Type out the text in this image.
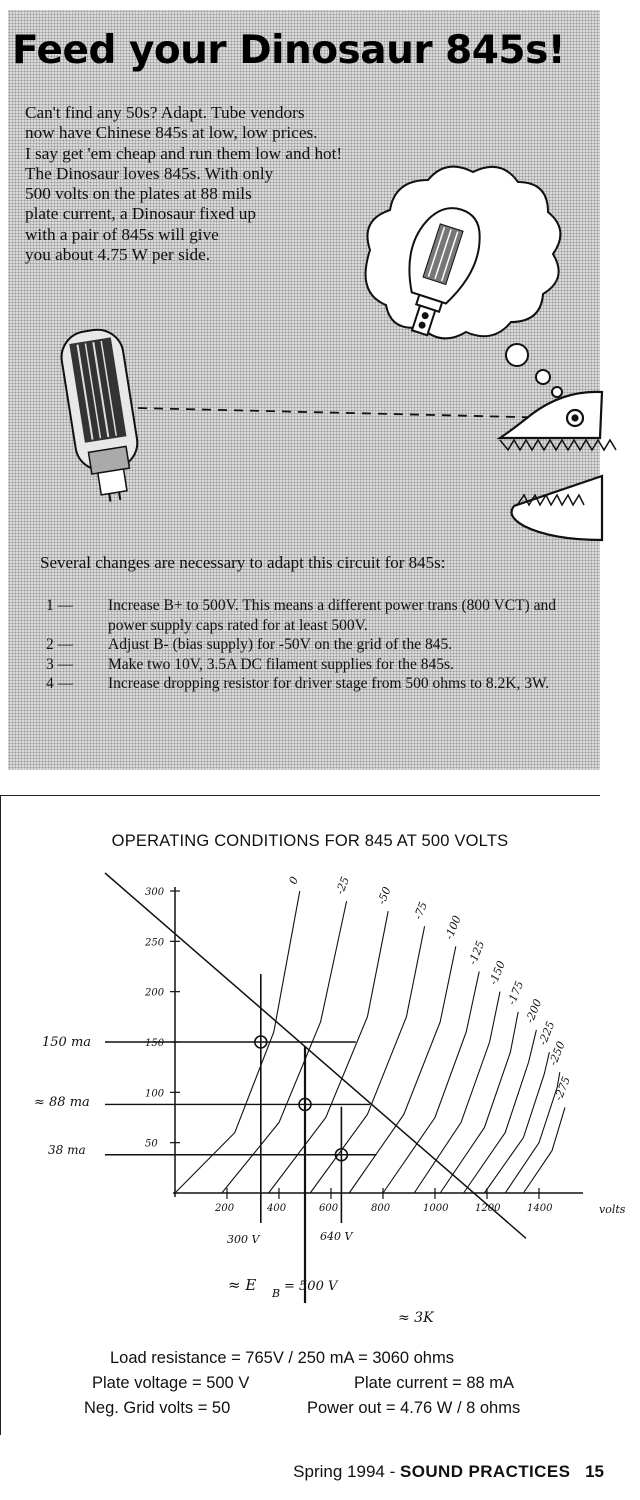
Feed your Dinosaur 845s!
Can't find any 50s? Adapt. Tube vendors
now have Chinese 845s at low, low prices.
I say get 'em cheap and run them low and hot!
The Dinosaur loves 845s. With only
500 volts on the plates at 88 mils
plate current, a Dinosaur fixed up
with a pair of 845s will give
you about 4.75 W per side.
Several changes are necessary to adapt this circuit for 845s:
1 —	Increase B+ to 500V. This means a different power trans (800 VCT) and power supply caps rated for at least 500V.
2 —	Adjust B- (bias supply) for -50V on the grid of the 845.
3 —	Make two 10V, 3.5A DC filament supplies for the 845s.
4 —	Increase dropping resistor for driver stage from 500 ohms to 8.2K, 3W.
OPERATING CONDITIONS FOR 845 AT 500 VOLTS
0	-25 -50
-75
-100
-125
-150
-175
-200
-225
-250
-275
200	400	600	800	1000	1200	1400	volts
300
250
200
150
100
50
150 ma
≈ 88 ma
38 ma
300 V	640 V
≈ E B = 500 V
≈ 3K
Load resistance = 765V / 250 mA = 3060 ohms
Plate voltage = 500 V	Plate current = 88 mA
Neg. Grid volts = 50	Power out = 4.76 W / 8 ohms
Spring 1994 - SOUND PRACTICES 15
